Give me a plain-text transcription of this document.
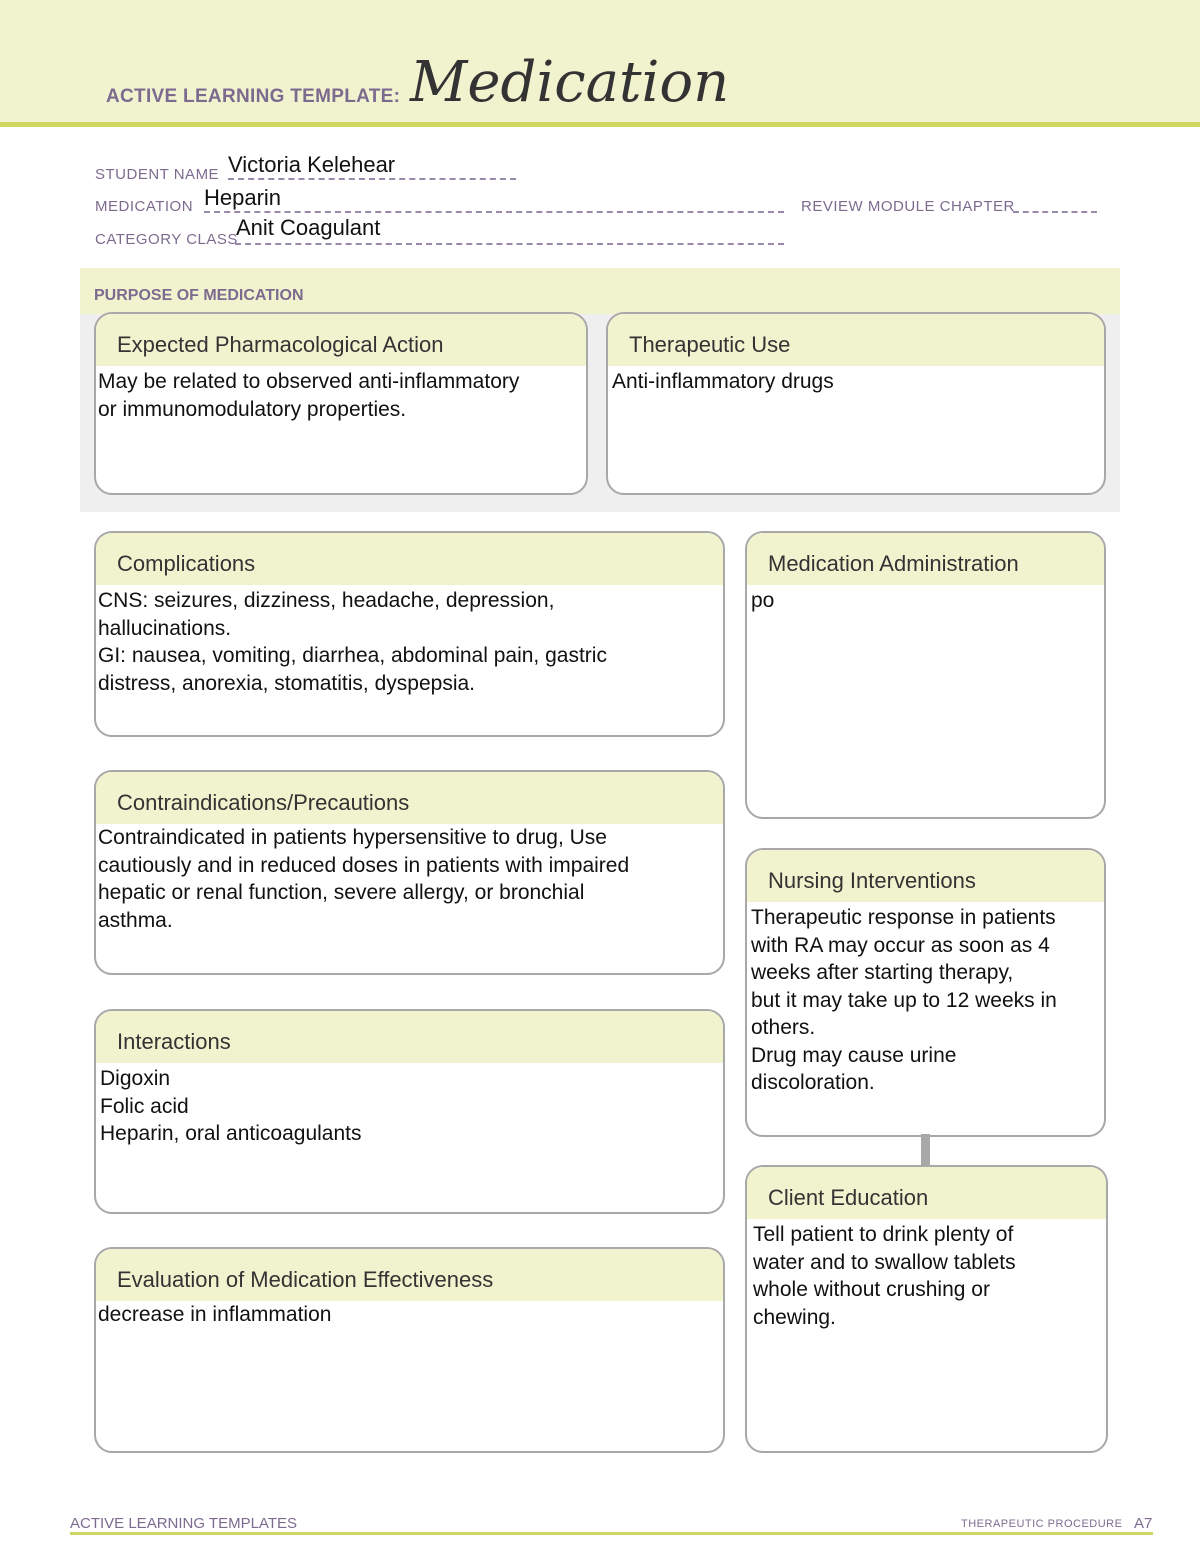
ACTIVE LEARNING TEMPLATE: Medication
STUDENT NAME Victoria Kelehear
MEDICATION Heparin	REVIEW MODULE CHAPTER
CATEGORY CLASS
Anit Coagulant
PURPOSE OF MEDICATION
Expected Pharmacological Action
May be related to observed anti-inflammatory
or immunomodulatory properties.
Therapeutic Use
Anti-inflammatory drugs
Complications
CNS: seizures, dizziness, headache, depression,
hallucinations.
GI: nausea, vomiting, diarrhea, abdominal pain, gastric
distress, anorexia, stomatitis, dyspepsia.
Medication Administration
po
Contraindications/Precautions
Contraindicated in patients hypersensitive to drug, Use
cautiously and in reduced doses in patients with impaired
hepatic or renal function, severe allergy, or bronchial
asthma.
Nursing Interventions
Therapeutic response in patients
with RA may occur as soon as 4
weeks after starting therapy,
but it may take up to 12 weeks in
others.
Drug may cause urine
discoloration.
Interactions
Digoxin
Folic acid
Heparin, oral anticoagulants
Client Education
Tell patient to drink plenty of
water and to swallow tablets
whole without crushing or
chewing.
Evaluation of Medication Effectiveness
decrease in inflammation
ACTIVE LEARNING TEMPLATES	THERAPEUTIC PROCEDURE A7
